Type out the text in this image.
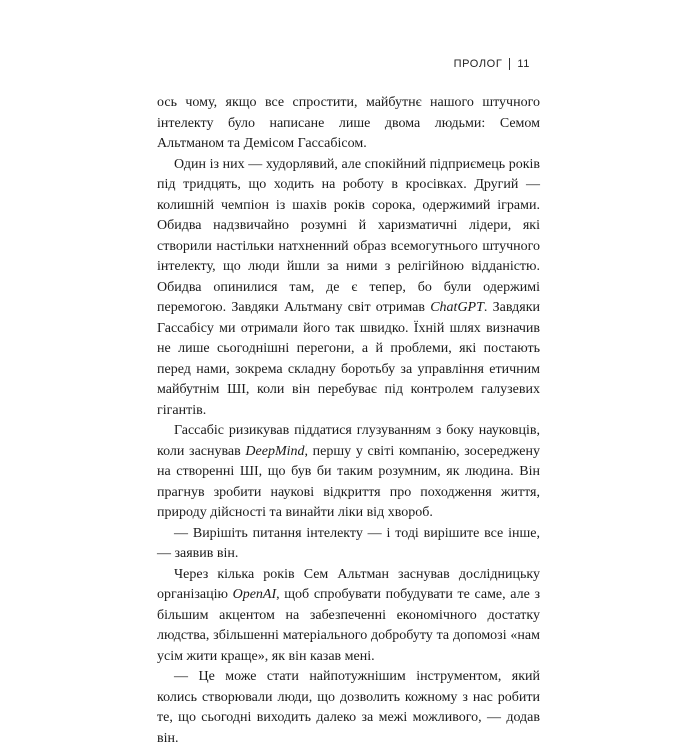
ПРОЛОГ 11

ось чому, якщо все спростити, майбутнє нашого штучного інтелекту було написане лише двома людьми: Семом Альтманом та Демісом Гассабісом.

Один із них — худорлявий, але спокійний підприємець років під тридцять, що ходить на роботу в кросівках. Другий — колишній чемпіон із шахів років сорока, одержимий іграми. Обидва надзвичайно розумні й харизматичні лідери, які створили настільки натхненний образ всемогутнього штучного інтелекту, що люди йшли за ними з релігійною відданістю. Обидва опинилися там, де є тепер, бо були одержимі перемогою. Завдяки Альтману світ отримав ChatGPT. Завдяки Гассабісу ми отримали його так швидко. Їхній шлях визначив не лише сьогоднішні перегони, а й проблеми, які постають перед нами, зокрема складну боротьбу за управління етичним майбутнім ШІ, коли він перебуває під контролем галузевих гігантів.

Гассабіс ризикував піддатися глузуванням з боку науковців, коли заснував DeepMind, першу у світі компанію, зосереджену на створенні ШІ, що був би таким розумним, як людина. Він прагнув зробити наукові відкриття про походження життя, природу дійсності та винайти ліки від хвороб.

— Вирішіть питання інтелекту — і тоді вирішите все інше, — заявив він.

Через кілька років Сем Альтман заснував дослідницьку організацію OpenAI, щоб спробувати побудувати те саме, але з більшим акцентом на забезпеченні економічного достатку людства, збільшенні матеріального добробуту та допомозі «нам усім жити краще», як він казав мені.

— Це може стати найпотужнішим інструментом, який колись створювали люди, що дозволить кожному з нас робити те, що сьогодні виходить далеко за межі можливого, — додав він.
